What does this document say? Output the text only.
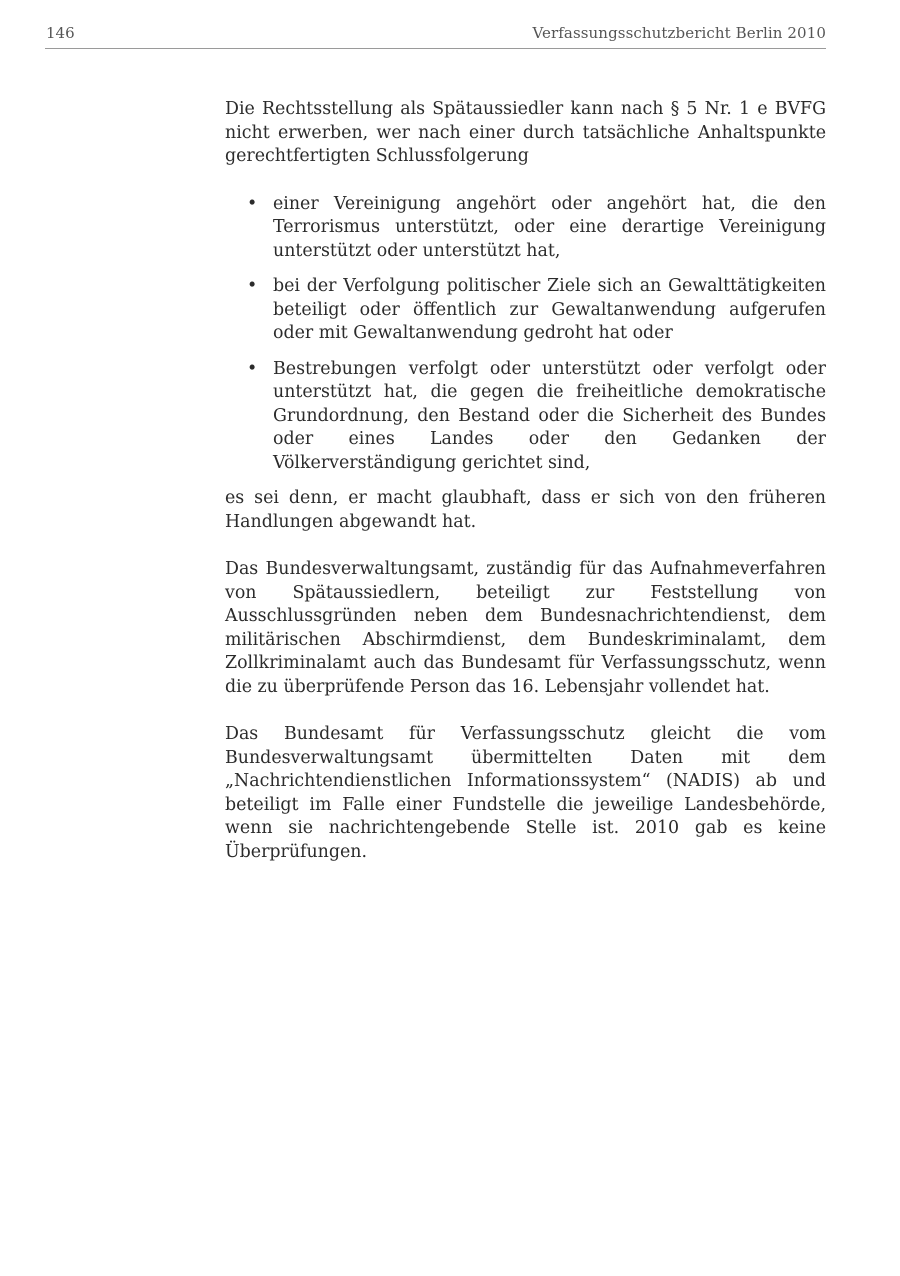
146	Verfassungsschutzbericht Berlin 2010

Die Rechtsstellung als Spätaussiedler kann nach § 5 Nr. 1 e BVFG nicht erwerben, wer nach einer durch tatsächliche Anhaltspunkte gerechtfertigten Schlussfolgerung

• einer Vereinigung angehört oder angehört hat, die den Terrorismus unterstützt, oder eine derartige Vereinigung unterstützt oder unterstützt hat,
• bei der Verfolgung politischer Ziele sich an Gewalttätigkeiten beteiligt oder öffentlich zur Gewaltanwendung aufgerufen oder mit Gewaltanwendung gedroht hat oder
• Bestrebungen verfolgt oder unterstützt oder verfolgt oder unterstützt hat, die gegen die freiheitliche demokratische Grundordnung, den Bestand oder die Sicherheit des Bundes oder eines Landes oder den Gedanken der Völkerverständigung gerichtet sind,

es sei denn, er macht glaubhaft, dass er sich von den früheren Handlungen abgewandt hat.

Das Bundesverwaltungsamt, zuständig für das Aufnahmeverfahren von Spätaussiedlern, beteiligt zur Feststellung von Ausschlussgründen neben dem Bundesnachrichtendienst, dem militärischen Abschirmdienst, dem Bundeskriminalamt, dem Zollkriminalamt auch das Bundesamt für Verfassungsschutz, wenn die zu überprüfende Person das 16. Lebensjahr vollendet hat.

Das Bundesamt für Verfassungsschutz gleicht die vom Bundesverwaltungsamt übermittelten Daten mit dem „Nachrichtendienstlichen Informationssystem“ (NADIS) ab und beteiligt im Falle einer Fundstelle die jeweilige Landesbehörde, wenn sie nachrichtengebende Stelle ist. 2010 gab es keine Überprüfungen.
